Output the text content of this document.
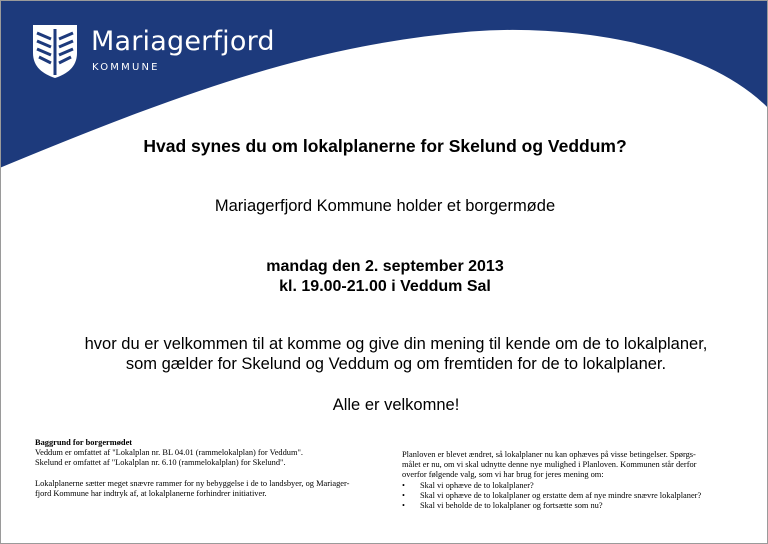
Mariagerfjord
KOMMUNE
Hvad synes du om lokalplanerne for Skelund og Veddum?
Mariagerfjord Kommune holder et borgermøde
mandag den 2. september 2013
kl. 19.00-21.00 i Veddum Sal
hvor du er velkommen til at komme og give din mening til kende om de to lokalplaner,
som gælder for Skelund og Veddum og om fremtiden for de to lokalplaner.
Alle er velkomne!

Baggrund for borgermødet

Veddum er omfattet af "Lokalplan nr. BL 04.01 (rammelokalplan) for Veddum".

Skelund er omfattet af "Lokalplan nr. 6.10 (rammelokalplan) for Skelund".

Lokalplanerne sætter meget snævre rammer for ny bebyggelse i de to landsbyer, og Mariager-

fjord Kommune har indtryk af, at lokalplanerne forhindrer initiativer.

Planloven er blevet ændret, så lokalplaner nu kan ophæves på visse betingelser. Spørgs-

målet er nu, om vi skal udnytte denne nye mulighed i Planloven. Kommunen står derfor

overfor følgende valg, som vi har brug for jeres mening om:

• Skal vi ophæve de to lokalplaner?
• Skal vi ophæve de to lokalplaner og erstatte dem af nye mindre snævre lokalplaner?
• Skal vi beholde de to lokalplaner og fortsætte som nu?
